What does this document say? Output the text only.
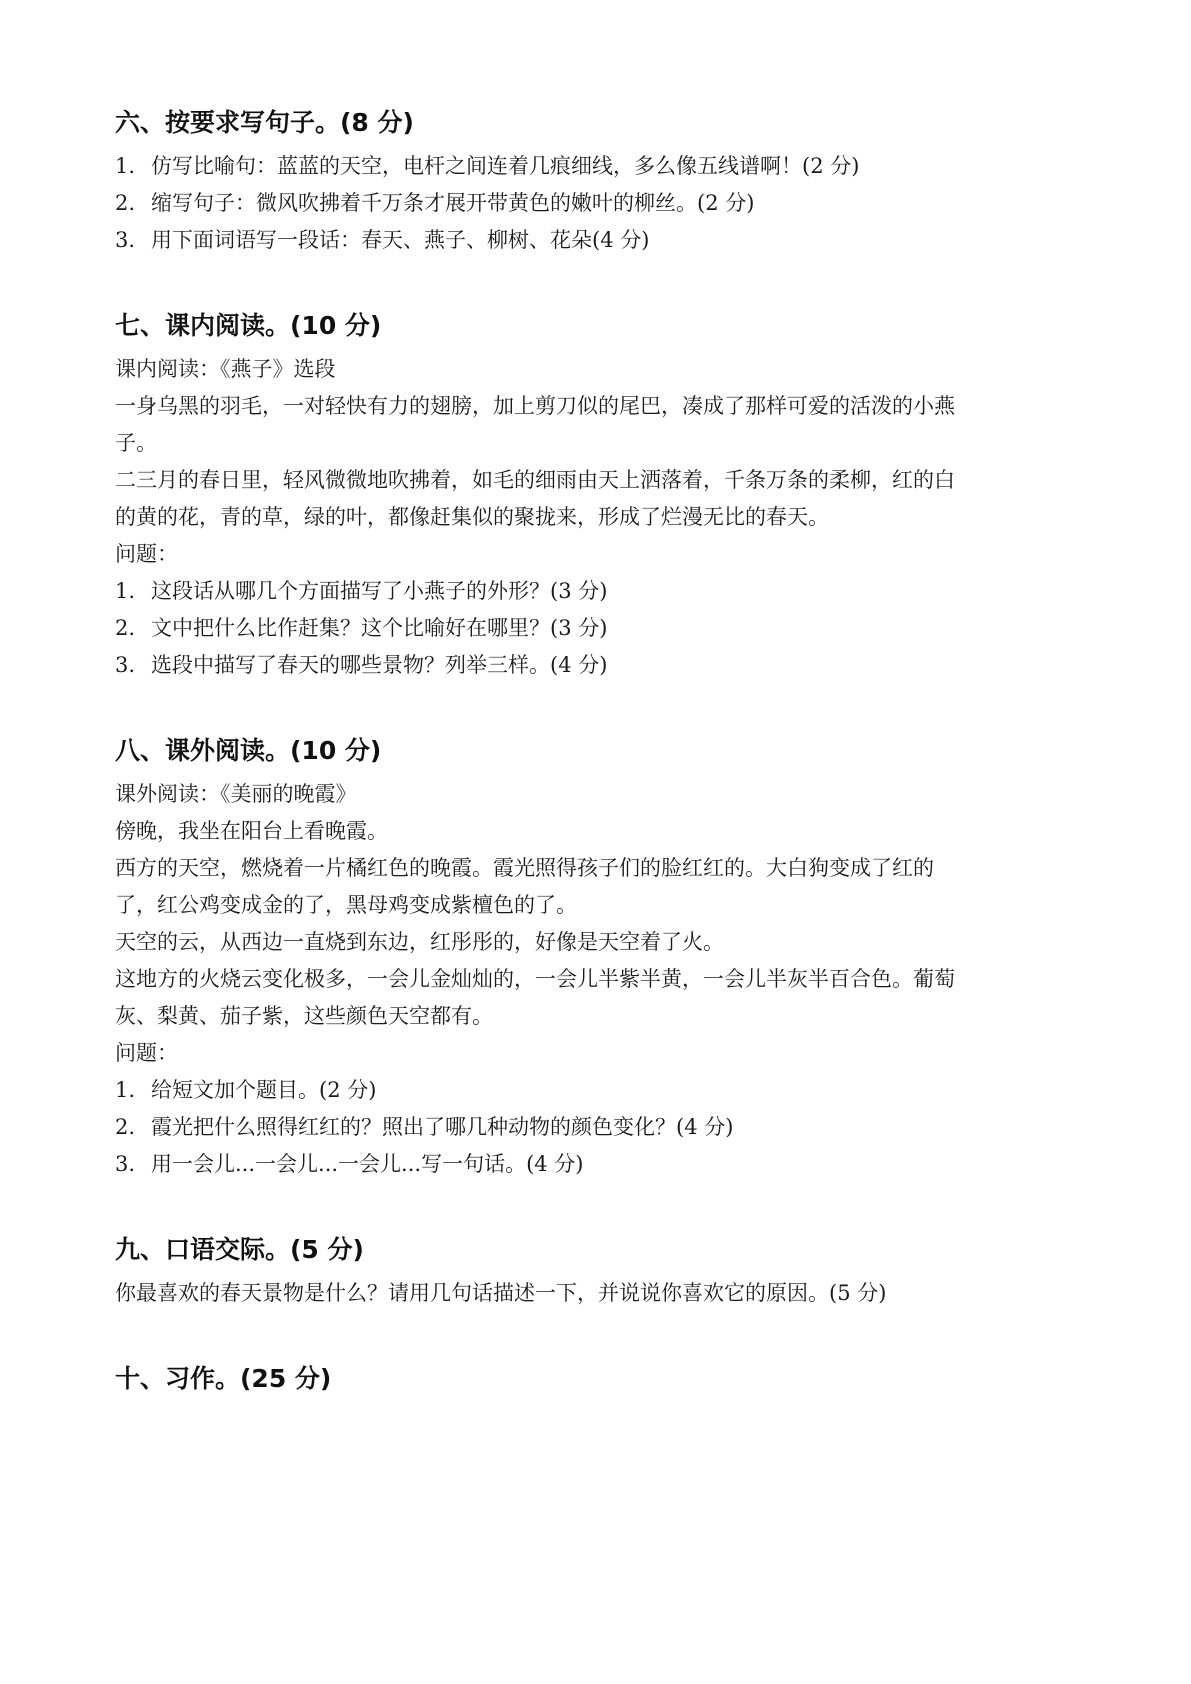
六、按要求写句子。(8 分)

1. 仿写比喻句：蓝蓝的天空，电杆之间连着几痕细线，多么像五线谱啊！(2 分)

2. 缩写句子：微风吹拂着千万条才展开带黄色的嫩叶的柳丝。(2 分)

3. 用下面词语写一段话：春天、燕子、柳树、花朵(4 分)

七、课内阅读。(10 分)

课内阅读：《燕子》选段

一身乌黑的羽毛，一对轻快有力的翅膀，加上剪刀似的尾巴，凑成了那样可爱的活泼的小燕

子。

二三月的春日里，轻风微微地吹拂着，如毛的细雨由天上洒落着，千条万条的柔柳，红的白

的黄的花，青的草，绿的叶，都像赶集似的聚拢来，形成了烂漫无比的春天。

问题：

1. 这段话从哪几个方面描写了小燕子的外形？(3 分)

2. 文中把什么比作赶集？这个比喻好在哪里？(3 分)

3. 选段中描写了春天的哪些景物？列举三样。(4 分)

八、课外阅读。(10 分)

课外阅读：《美丽的晚霞》

傍晚，我坐在阳台上看晚霞。

西方的天空，燃烧着一片橘红色的晚霞。霞光照得孩子们的脸红红的。大白狗变成了红的

了，红公鸡变成金的了，黑母鸡变成紫檀色的了。

天空的云，从西边一直烧到东边，红彤彤的，好像是天空着了火。

这地方的火烧云变化极多，一会儿金灿灿的，一会儿半紫半黄，一会儿半灰半百合色。葡萄

灰、梨黄、茄子紫，这些颜色天空都有。

问题：

1. 给短文加个题目。(2 分)

2. 霞光把什么照得红红的？照出了哪几种动物的颜色变化？(4 分)

3. 用一会儿...一会儿...一会儿...写一句话。(4 分)

九、口语交际。(5 分)

你最喜欢的春天景物是什么？请用几句话描述一下，并说说你喜欢它的原因。(5 分)

十、习作。(25 分)
